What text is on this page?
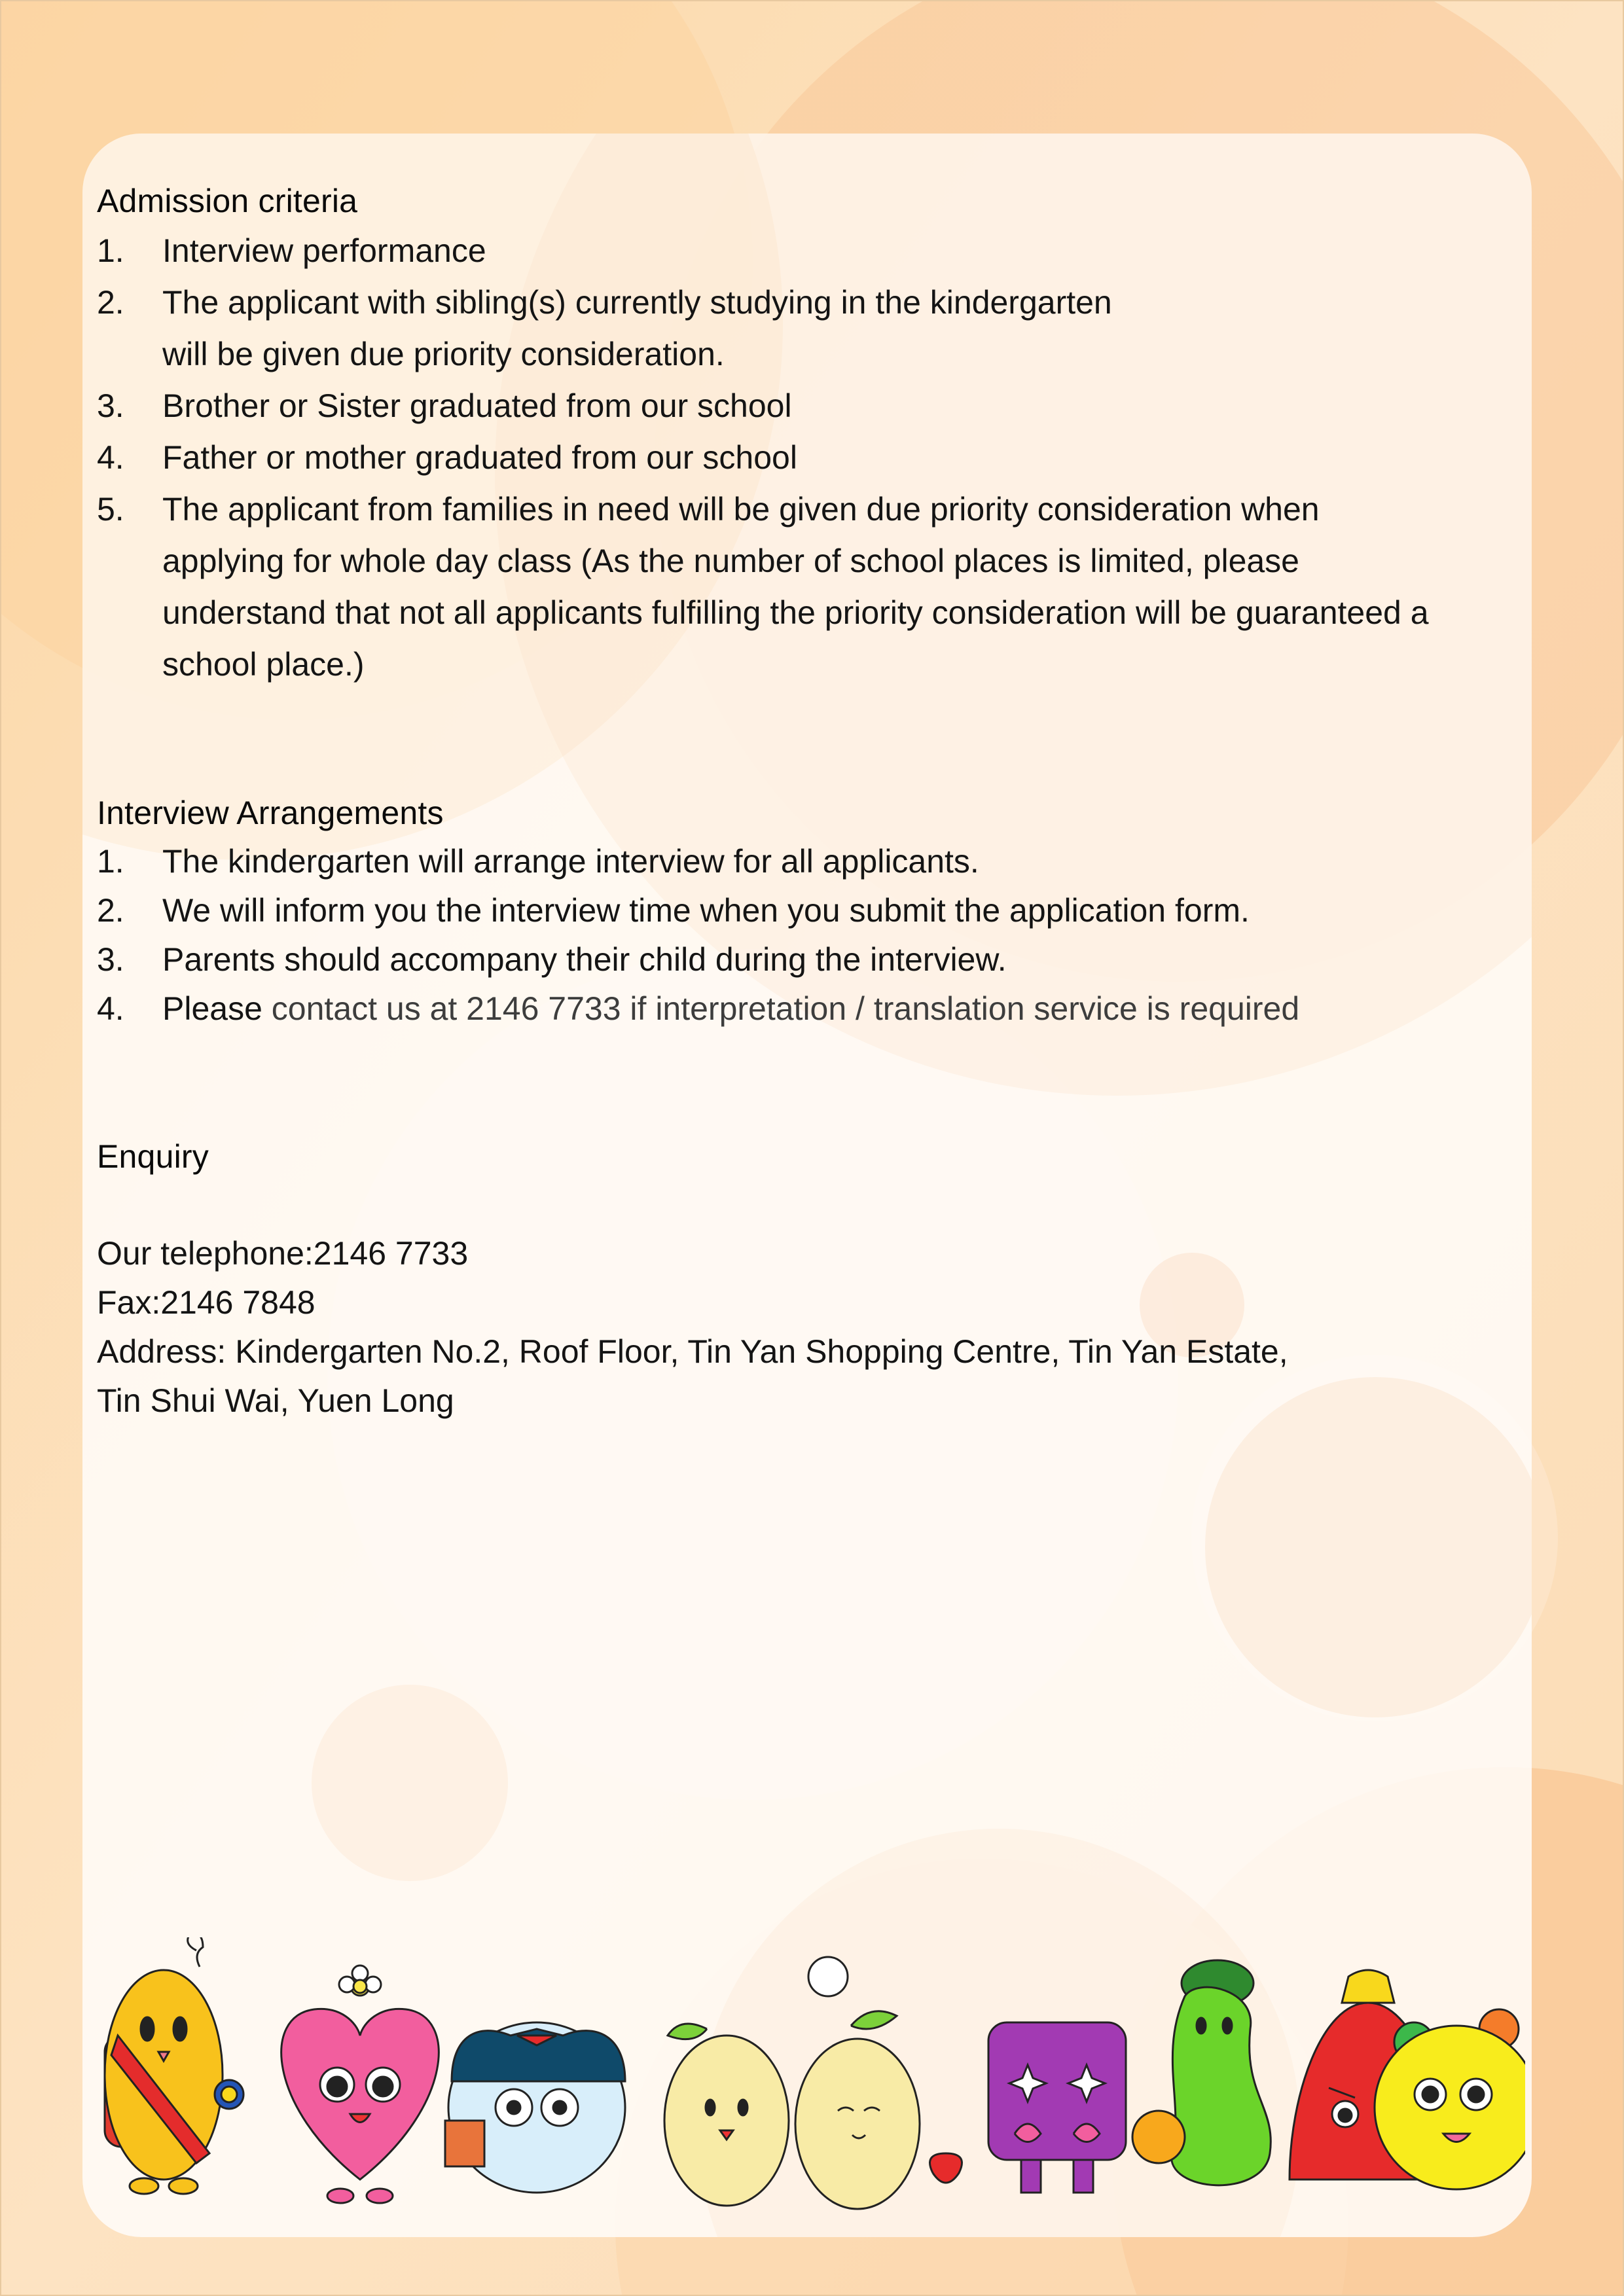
Admission criteria
1. Interview performance
2. The applicant with sibling(s) currently studying in the kindergarten
will be given due priority consideration.
3. Brother or Sister graduated from our school
4. Father or mother graduated from our school
5. The applicant from families in need will be given due priority consideration when
applying for whole day class (As the number of school places is limited, please
understand that not all applicants fulfilling the priority consideration will be guaranteed a
school place.)
Interview Arrangements
1. The kindergarten will arrange interview for all applicants.
2. We will inform you the interview time when you submit the application form.
3. Parents should accompany their child during the interview.
4. Please contact us at 2146 7733 if interpretation / translation service is required
Enquiry
Our telephone:2146 7733
Fax:2146 7848
Address: Kindergarten No.2, Roof Floor, Tin Yan Shopping Centre, Tin Yan Estate,
Tin Shui Wai, Yuen Long
